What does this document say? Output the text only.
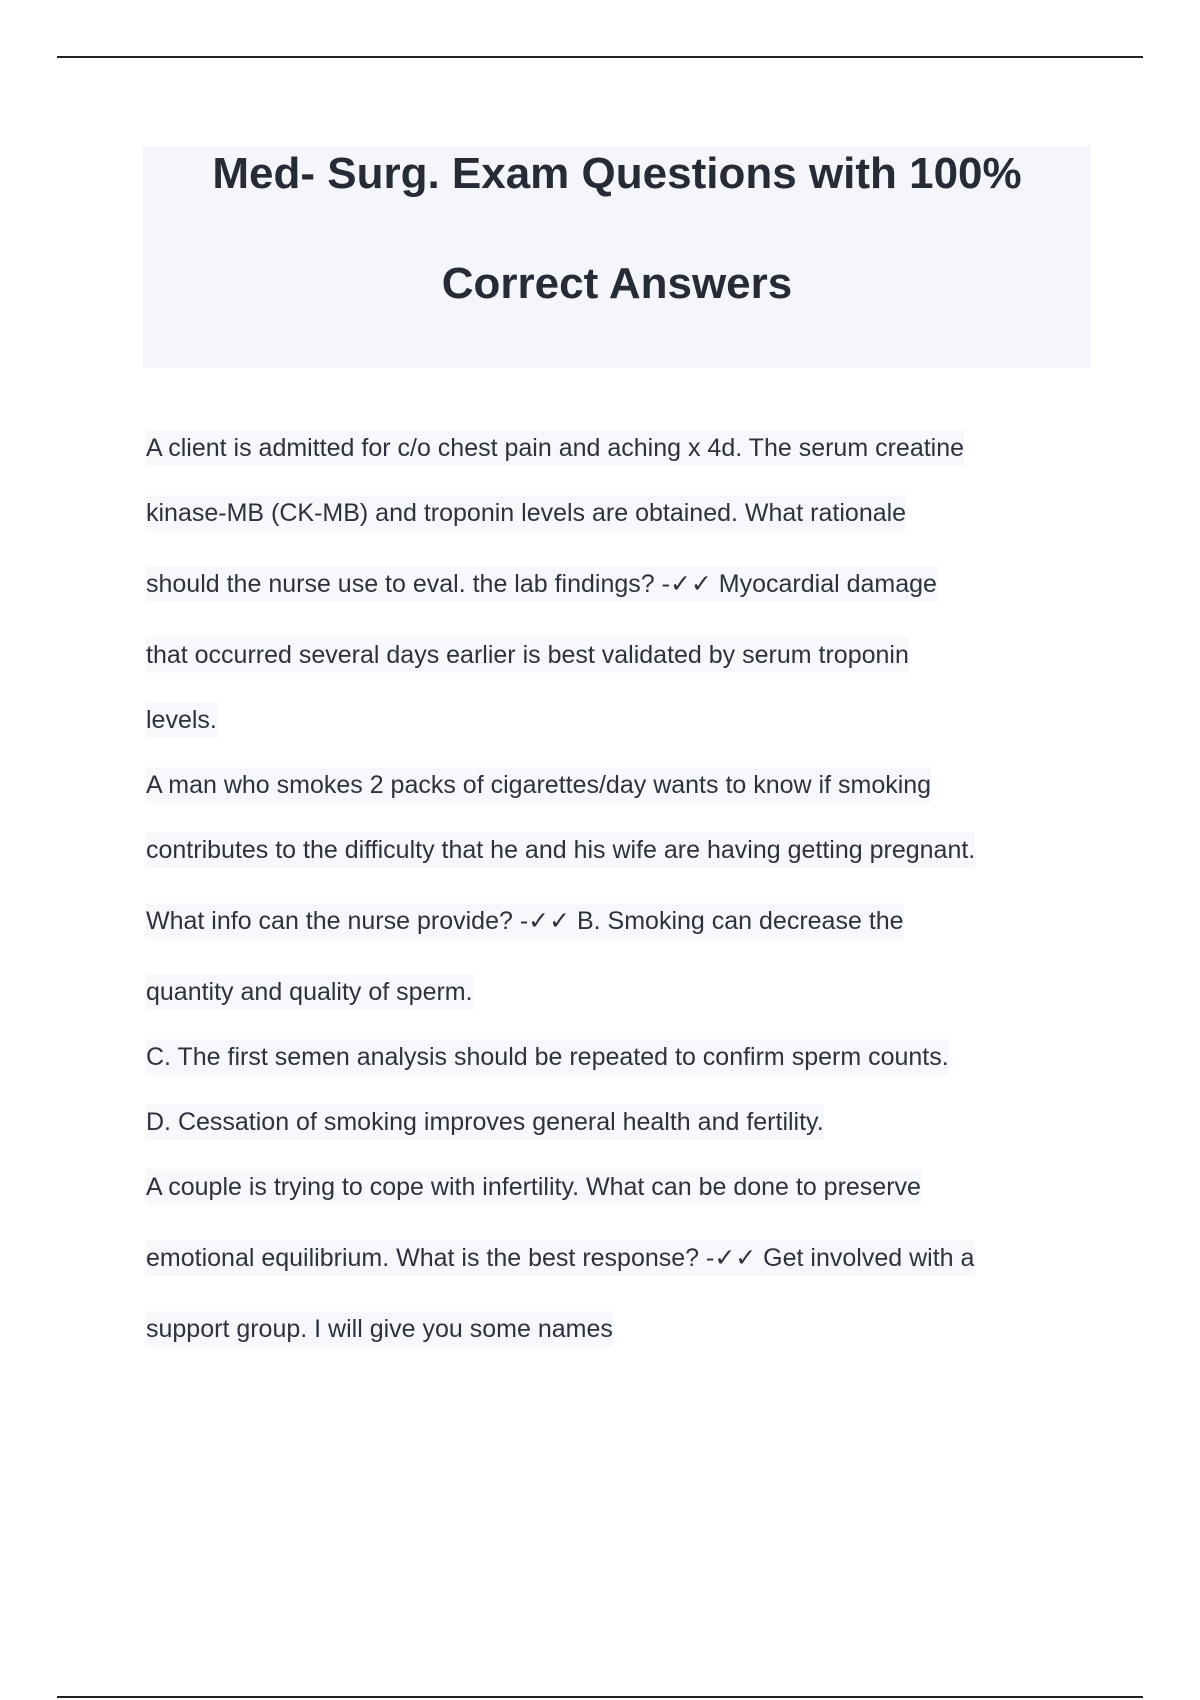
Med- Surg. Exam Questions with 100%
Correct Answers
A client is admitted for c/o chest pain and aching x 4d. The serum creatine
kinase-MB (CK-MB) and troponin levels are obtained. What rationale
should the nurse use to eval. the lab findings? -✓✓ Myocardial damage
that occurred several days earlier is best validated by serum troponin
levels.
A man who smokes 2 packs of cigarettes/day wants to know if smoking
contributes to the difficulty that he and his wife are having getting pregnant.
What info can the nurse provide? -✓✓ B. Smoking can decrease the
quantity and quality of sperm.
C. The first semen analysis should be repeated to confirm sperm counts.
D. Cessation of smoking improves general health and fertility.
A couple is trying to cope with infertility. What can be done to preserve
emotional equilibrium. What is the best response? -✓✓ Get involved with a
support group. I will give you some names
